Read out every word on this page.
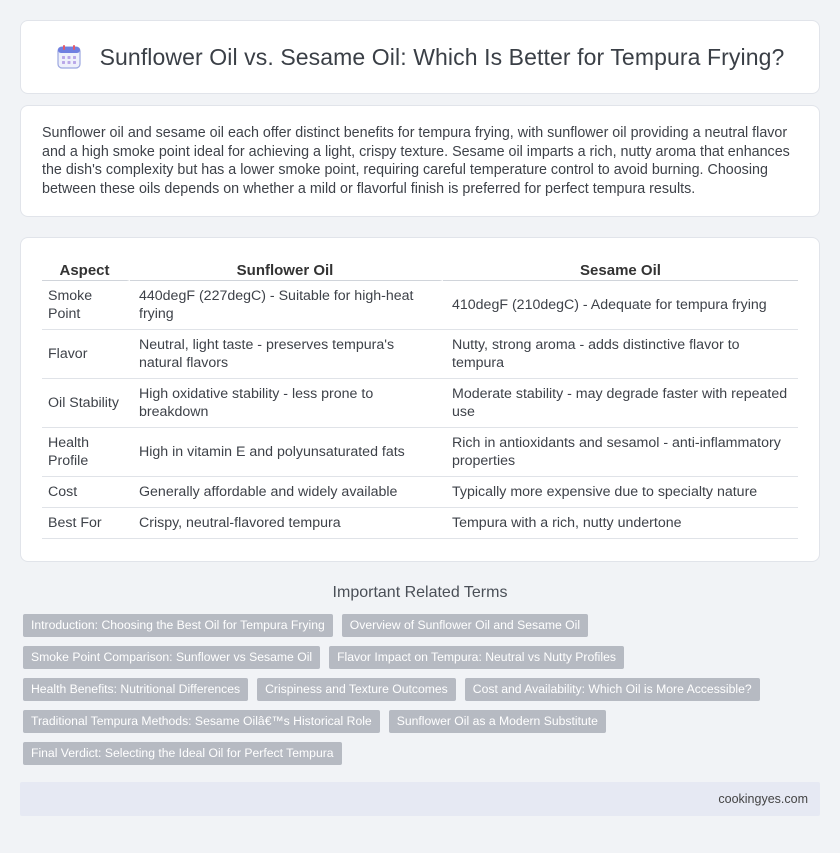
Sunflower Oil vs. Sesame Oil: Which Is Better for Tempura Frying?
Sunflower oil and sesame oil each offer distinct benefits for tempura frying, with sunflower oil providing a neutral flavor and a high smoke point ideal for achieving a light, crispy texture. Sesame oil imparts a rich, nutty aroma that enhances the dish's complexity but has a lower smoke point, requiring careful temperature control to avoid burning. Choosing between these oils depends on whether a mild or flavorful finish is preferred for perfect tempura results.
Aspect	Sunflower Oil	Sesame Oil
Smoke Point	440degF (227degC) - Suitable for high-heat frying	410degF (210degC) - Adequate for tempura frying
Flavor	Neutral, light taste - preserves tempura's natural flavors	Nutty, strong aroma - adds distinctive flavor to tempura
Oil Stability	High oxidative stability - less prone to breakdown	Moderate stability - may degrade faster with repeated use
Health Profile	High in vitamin E and polyunsaturated fats	Rich in antioxidants and sesamol - anti-inflammatory properties
Cost	Generally affordable and widely available	Typically more expensive due to specialty nature
Best For	Crispy, neutral-flavored tempura	Tempura with a rich, nutty undertone
Important Related Terms
Introduction: Choosing the Best Oil for Tempura Frying	Overview of Sunflower Oil and Sesame Oil
Smoke Point Comparison: Sunflower vs Sesame Oil	Flavor Impact on Tempura: Neutral vs Nutty Profiles
Health Benefits: Nutritional Differences	Crispiness and Texture Outcomes	Cost and Availability: Which Oil is More Accessible?
Traditional Tempura Methods: Sesame Oilâ€™s Historical Role	Sunflower Oil as a Modern Substitute
Final Verdict: Selecting the Ideal Oil for Perfect Tempura
cookingyes.com
